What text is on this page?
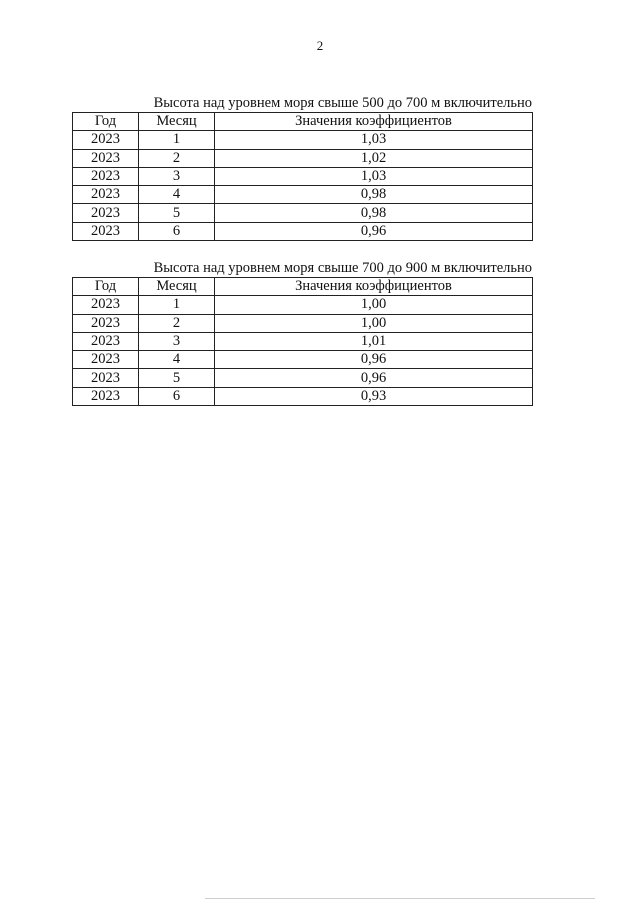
2
Высота над уровнем моря свыше 500 до 700 м включительно
Год	Месяц	Значения коэффициентов
2023	1	1,03
2023	2	1,02
2023	3	1,03
2023	4	0,98
2023	5	0,98
2023	6	0,96
Высота над уровнем моря свыше 700 до 900 м включительно
Год	Месяц	Значения коэффициентов
2023	1	1,00
2023	2	1,00
2023	3	1,01
2023	4	0,96
2023	5	0,96
2023	6	0,93
